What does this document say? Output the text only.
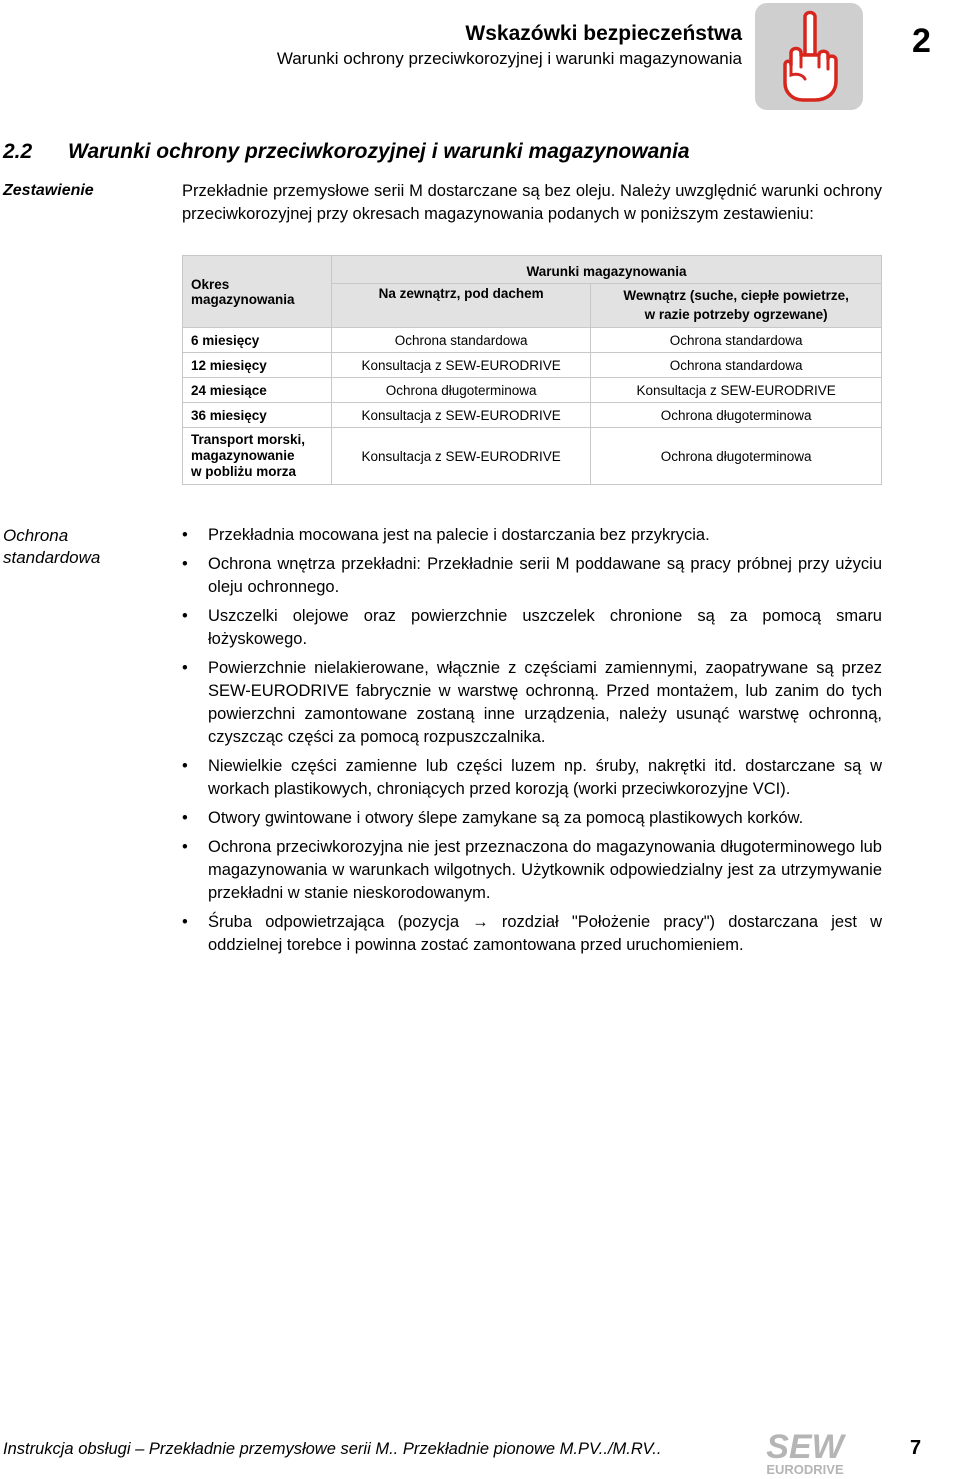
Wskazówki bezpieczeństwa
Warunki ochrony przeciwkorozyjnej i warunki magazynowania	2
2.2 Warunki ochrony przeciwkorozyjnej i warunki magazynowania
Zestawienie	Przekładnie przemysłowe serii M dostarczane są bez oleju. Należy uwzględnić warunki ochrony przeciwkorozyjnej przy okresach magazynowania podanych w poniższym zestawieniu:
Okres magazynowania	Warunki magazynowania	
	Na zewnątrz, pod dachem	Wewnątrz (suche, ciepłe powietrze,
w razie potrzeby ogrzewane)
6 miesięcy	Ochrona standardowa	Ochrona standardowa
12 miesięcy	Konsultacja z SEW-EURODRIVE	Ochrona standardowa
24 miesiące	Ochrona długoterminowa	Konsultacja z SEW-EURODRIVE
36 miesięcy	Konsultacja z SEW-EURODRIVE	Ochrona długoterminowa
Transport morski,
magazynowanie
w pobliżu morza	Konsultacja z SEW-EURODRIVE	Ochrona długoterminowa
Ochrona
standardowa
• Przekładnia mocowana jest na palecie i dostarczania bez przykrycia.
• Ochrona wnętrza przekładni: Przekładnie serii M poddawane są pracy próbnej przy użyciu oleju ochronnego.
• Uszczelki olejowe oraz powierzchnie uszczelek chronione są za pomocą smaru łożyskowego.
• Powierzchnie nielakierowane, włącznie z częściami zamiennymi, zaopatrywane są przez SEW-EURODRIVE fabrycznie w warstwę ochronną. Przed montażem, lub zanim do tych powierzchni zamontowane zostaną inne urządzenia, należy usunąć warstwę ochronną, czyszcząc części za pomocą rozpuszczalnika.
• Niewielkie części zamienne lub części luzem np. śruby, nakrętki itd. dostarczane są w workach plastikowych, chroniących przed korozją (worki przeciwkorozyjne VCI).
• Otwory gwintowane i otwory ślepe zamykane są za pomocą plastikowych korków.
• Ochrona przeciwkorozyjna nie jest przeznaczona do magazynowania długoterminowego lub magazynowania w warunkach wilgotnych. Użytkownik odpowiedzialny jest za utrzymywanie przekładni w stanie nieskorodowanym.
• Śruba odpowietrzająca (pozycja → rozdział "Położenie pracy") dostarczana jest w oddzielnej torebce i powinna zostać zamontowana przed uruchomieniem.
Instrukcja obsługi – Przekładnie przemysłowe serii M.. Przekładnie pionowe M.PV../M.RV..	SEW
EURODRIVE
7
